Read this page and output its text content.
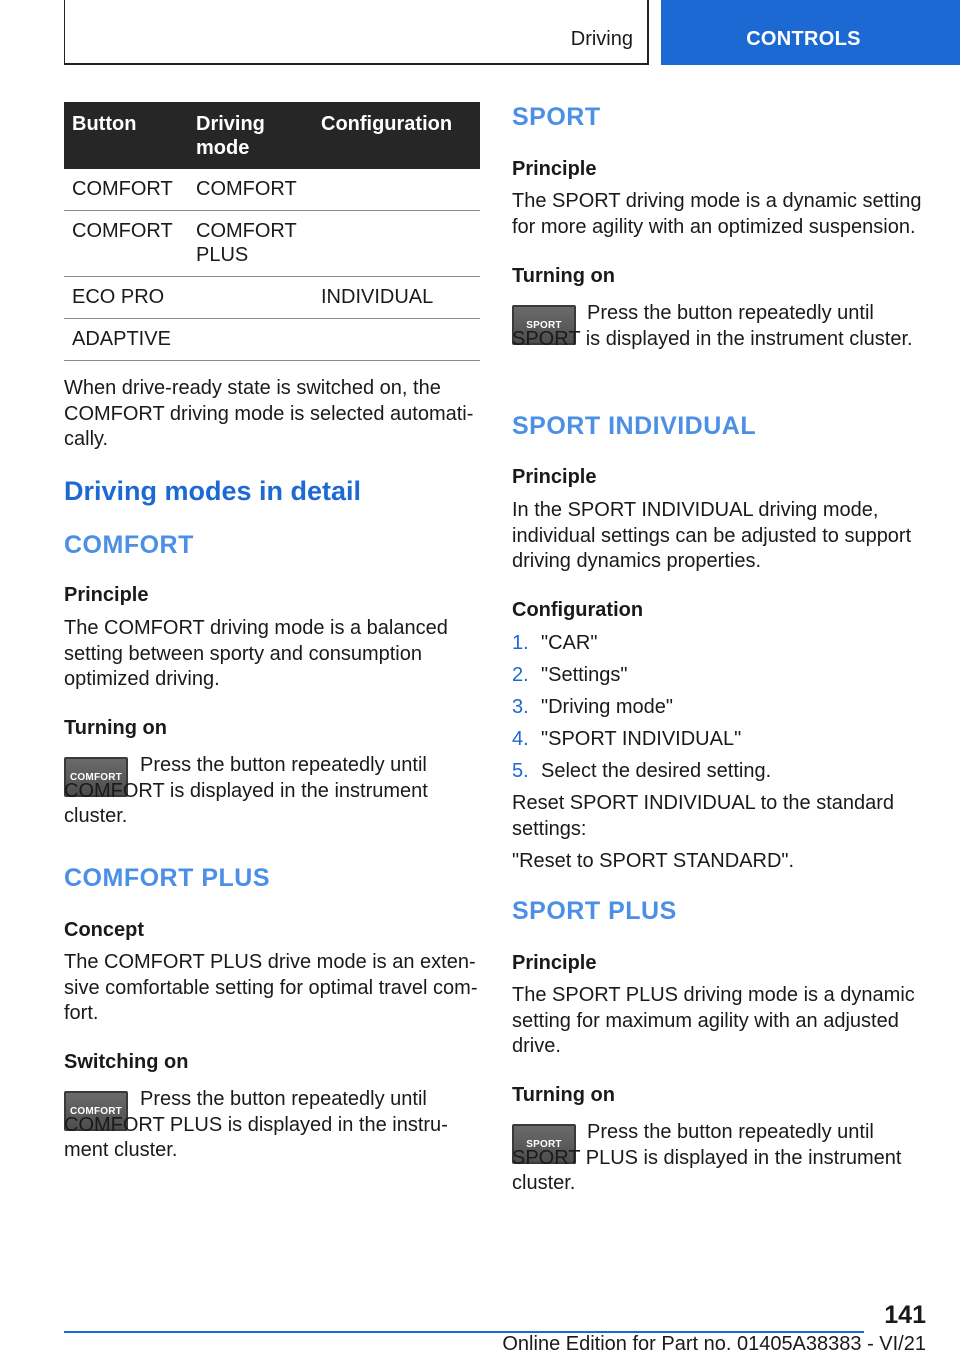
Driving	CONTROLS
Button	Driving mode	Configuration
COMFORT	COMFORT	
COMFORT	COMFORT PLUS	
ECO PRO		INDIVIDUAL
ADAPTIVE		

When drive-ready state is switched on, the COMFORT driving mode is selected automatically.

Driving modes in detail
COMFORT
Principle

The COMFORT driving mode is a balanced setting between sporty and consumption optimized driving.

Turning on
COMFORT

Press the button repeatedly until COMFORT is displayed in the instrument cluster.

COMFORT PLUS
Concept

The COMFORT PLUS drive mode is an extensive comfortable setting for optimal travel comfort.

Switching on
COMFORT

Press the button repeatedly until COMFORT PLUS is displayed in the instrument cluster.

SPORT
Principle

The SPORT driving mode is a dynamic setting for more agility with an optimized suspension.

Turning on
SPORT

Press the button repeatedly until SPORT is displayed in the instrument cluster.

SPORT INDIVIDUAL
Principle

In the SPORT INDIVIDUAL driving mode, individual settings can be adjusted to support driving dynamics properties.

Configuration
1. "CAR"
2. "Settings"
3. "Driving mode"
4. "SPORT INDIVIDUAL"
5. Select the desired setting.

Reset SPORT INDIVIDUAL to the standard settings:

"Reset to SPORT STANDARD".

SPORT PLUS
Principle

The SPORT PLUS driving mode is a dynamic setting for maximum agility with an adjusted drive.

Turning on
SPORT

Press the button repeatedly until SPORT PLUS is displayed in the instrument cluster.

141
Online Edition for Part no. 01405A38383 - VI/21
